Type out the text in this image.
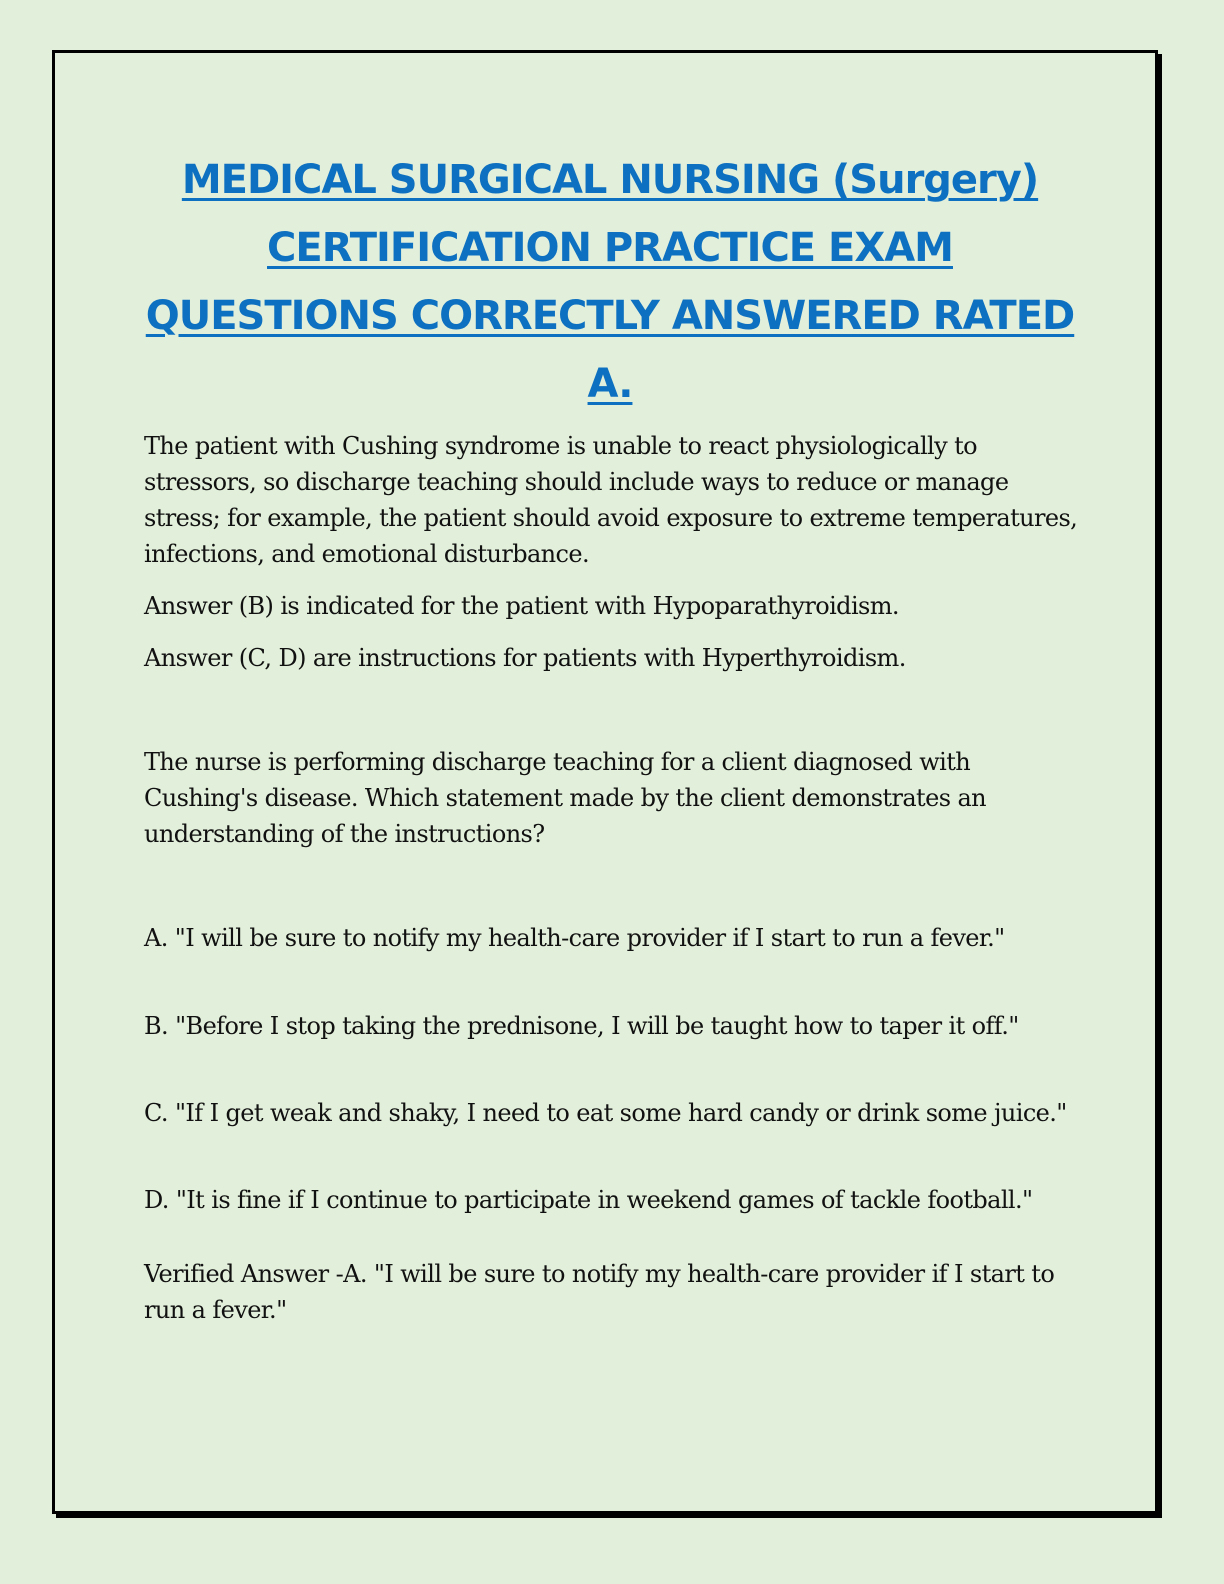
MEDICAL SURGICAL NURSING (Surgery)
CERTIFICATION PRACTICE EXAM
QUESTIONS CORRECTLY ANSWERED RATED
A.

The patient with Cushing syndrome is unable to react physiologically to stressors, so discharge teaching should include ways to reduce or manage stress; for example, the patient should avoid exposure to extreme temperatures, infections, and emotional disturbance.

Answer (B) is indicated for the patient with Hypoparathyroidism.

Answer (C, D) are instructions for patients with Hyperthyroidism.

The nurse is performing discharge teaching for a client diagnosed with Cushing's disease. Which statement made by the client demonstrates an understanding of the instructions?

A. "I will be sure to notify my health-care provider if I start to run a fever."

B. "Before I stop taking the prednisone, I will be taught how to taper it off."

C. "If I get weak and shaky, I need to eat some hard candy or drink some juice."

D. "It is fine if I continue to participate in weekend games of tackle football."

Verified Answer -A. "I will be sure to notify my health-care provider if I start to run a fever."
